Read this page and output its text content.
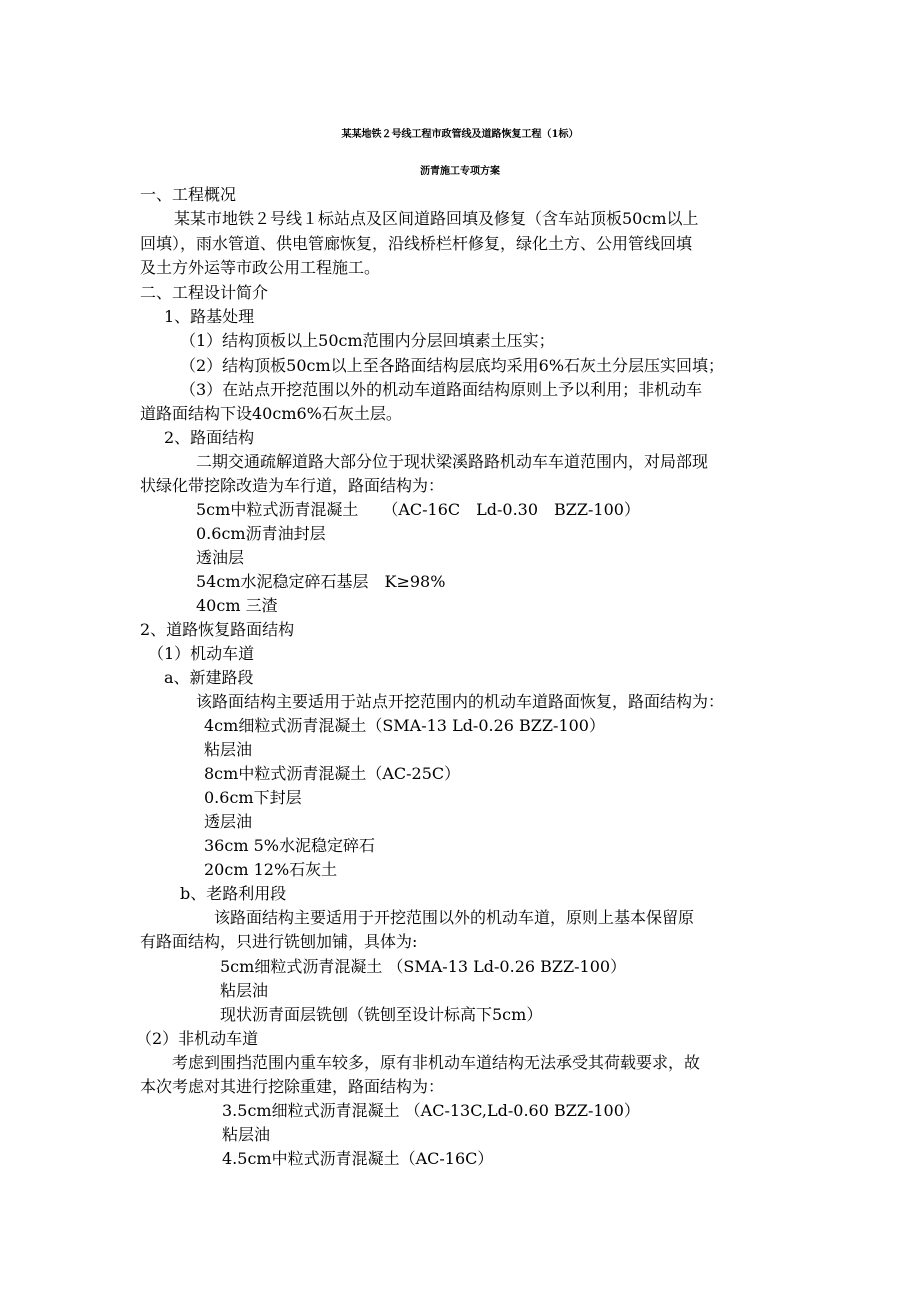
某某地铁２号线工程市政管线及道路恢复工程（1标）
沥青施工专项方案
一、工程概况
某某市地铁２号线１标站点及区间道路回填及修复（含车站顶板50cm以上
回填），雨水管道、供电管廊恢复，沿线桥栏杆修复，绿化土方、公用管线回填
及土方外运等市政公用工程施工。
二、工程设计简介
1、路基处理
（1）结构顶板以上50cm范围内分层回填素土压实；
（2）结构顶板50cm以上至各路面结构层底均采用6%石灰土分层压实回填；
（3）在站点开挖范围以外的机动车道路面结构原则上予以利用；非机动车
道路面结构下设40cm6%石灰土层。
2、路面结构
二期交通疏解道路大部分位于现状梁溪路路机动车车道范围内，对局部现
状绿化带挖除改造为车行道，路面结构为：
5cm中粒式沥青混凝土　　（AC-16C　Ld-0.30　BZZ-100）
0.6cm沥青油封层
透油层
54cm水泥稳定碎石基层　K≥98%
40cm 三渣
2、道路恢复路面结构
（1）机动车道
a、新建路段
该路面结构主要适用于站点开挖范围内的机动车道路面恢复，路面结构为：
4cm细粒式沥青混凝土（SMA-13 Ld-0.26 BZZ-100）
粘层油
8cm中粒式沥青混凝土（AC-25C）
0.6cm下封层
透层油
36cm 5%水泥稳定碎石
20cm 12%石灰土
b、老路利用段
该路面结构主要适用于开挖范围以外的机动车道，原则上基本保留原
有路面结构，只进行铣刨加铺，具体为:
5cm细粒式沥青混凝土 （SMA-13 Ld-0.26 BZZ-100）
粘层油
现状沥青面层铣刨（铣刨至设计标高下5cm）
（2）非机动车道
考虑到围挡范围内重车较多，原有非机动车道结构无法承受其荷载要求，故
本次考虑对其进行挖除重建，路面结构为：
3.5cm细粒式沥青混凝土 （AC-13C,Ld-0.60 BZZ-100）
粘层油
4.5cm中粒式沥青混凝土（AC-16C）
